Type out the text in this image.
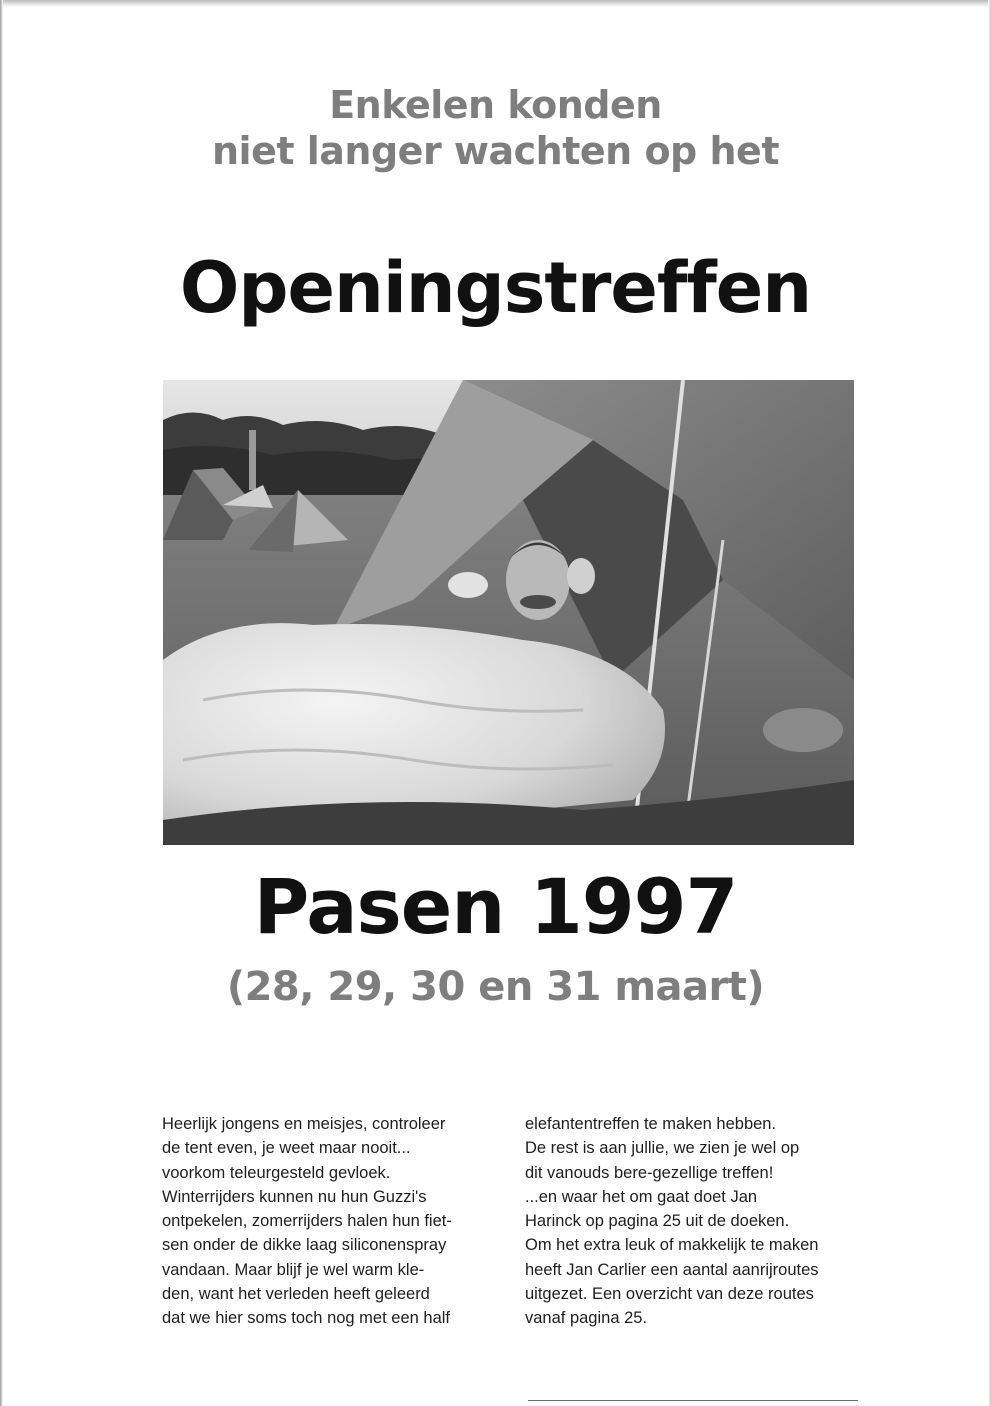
Enkelen konden
niet langer wachten op het
Openingstreffen
Pasen 1997
(28, 29, 30 en 31 maart)
Heerlijk jongens en meisjes, controleer
de tent even, je weet maar nooit...
voorkom teleurgesteld gevloek.
Winterrijders kunnen nu hun Guzzi's
ontpekelen, zomerrijders halen hun fiet-
sen onder de dikke laag siliconenspray
vandaan. Maar blijf je wel warm kle-
den, want het verleden heeft geleerd
dat we hier soms toch nog met een half
elefantentreffen te maken hebben.
De rest is aan jullie, we zien je wel op
dit vanouds bere-gezellige treffen!
...en waar het om gaat doet Jan
Harinck op pagina 25 uit de doeken.
Om het extra leuk of makkelijk te maken
heeft Jan Carlier een aantal aanrijroutes
uitgezet. Een overzicht van deze routes
vanaf pagina 25.
